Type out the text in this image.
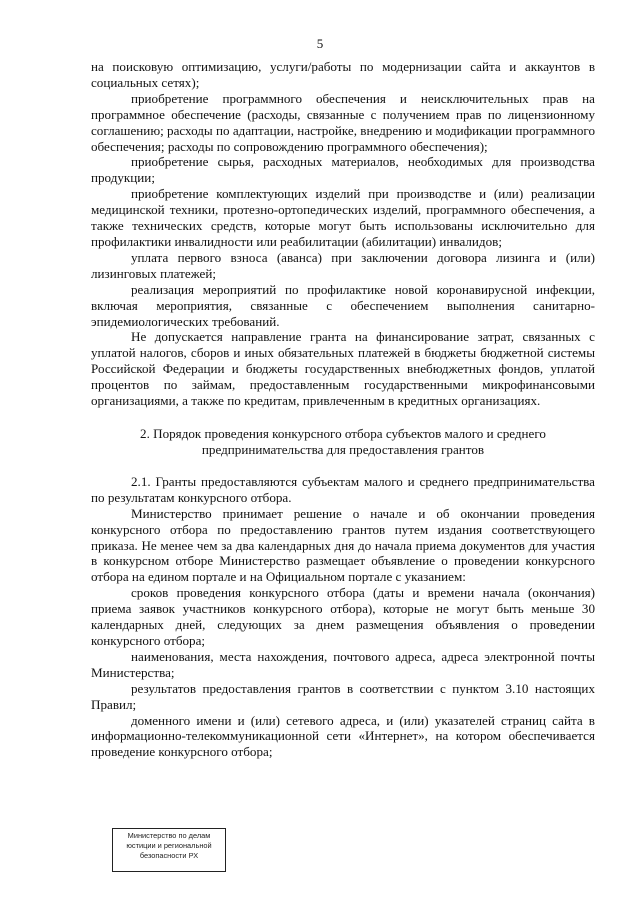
5

на поисковую оптимизацию, услуги/работы по модернизации сайта и аккаунтов в социальных сетях);

приобретение программного обеспечения и неисключительных прав на программное обеспечение (расходы, связанные с получением прав по лицензионному соглашению; расходы по адаптации, настройке, внедрению и модификации программного обеспечения; расходы по сопровождению программного обеспечения);

приобретение сырья, расходных материалов, необходимых для производства продукции;

приобретение комплектующих изделий при производстве и (или) реализации медицинской техники, протезно-ортопедических изделий, программного обеспечения, а также технических средств, которые могут быть использованы исключительно для профилактики инвалидности или реабилитации (абилитации) инвалидов;

уплата первого взноса (аванса) при заключении договора лизинга и (или) лизинговых платежей;

реализация мероприятий по профилактике новой коронавирусной инфекции, включая мероприятия, связанные с обеспечением выполнения санитарно-эпидемиологических требований.

Не допускается направление гранта на финансирование затрат, связанных с уплатой налогов, сборов и иных обязательных платежей в бюджеты бюджетной системы Российской Федерации и бюджеты государственных внебюджетных фондов, уплатой процентов по займам, предоставленным государственными микрофинансовыми организациями, а также по кредитам, привлеченным в кредитных организациях.

2. Порядок проведения конкурсного отбора субъектов малого и среднего
предпринимательства для предоставления грантов

2.1. Гранты предоставляются субъектам малого и среднего предпринимательства по результатам конкурсного отбора.

Министерство принимает решение о начале и об окончании проведения конкурсного отбора по предоставлению грантов путем издания соответствующего приказа. Не менее чем за два календарных дня до начала приема документов для участия в конкурсном отборе Министерство размещает объявление о проведении конкурсного отбора на едином портале и на Официальном портале с указанием:

сроков проведения конкурсного отбора (даты и времени начала (окончания) приема заявок участников конкурсного отбора), которые не могут быть меньше 30 календарных дней, следующих за днем размещения объявления о проведении конкурсного отбора;

наименования, места нахождения, почтового адреса, адреса электронной почты Министерства;

результатов предоставления грантов в соответствии с пунктом 3.10 настоящих Правил;

доменного имени и (или) сетевого адреса, и (или) указателей страниц сайта в информационно-телекоммуникационной сети «Интернет», на котором обеспечивается проведение конкурсного отбора;

Министерство по делам
юстиции и региональной
безопасности РХ
